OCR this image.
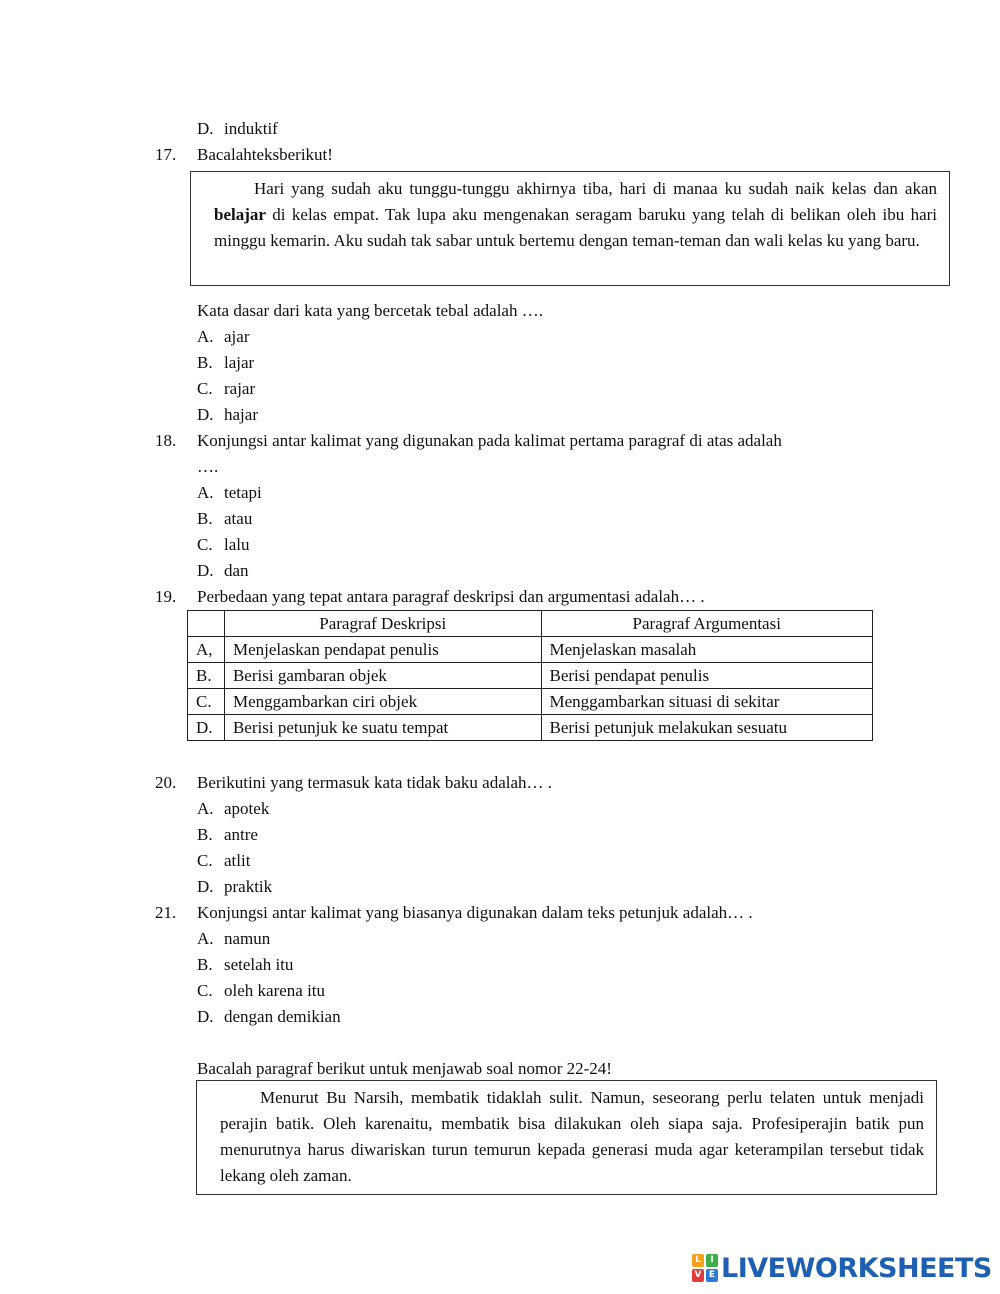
D. induktif
17. Bacalahteksberikut!

Hari yang sudah aku tunggu-tunggu akhirnya tiba, hari di manaa ku sudah naik kelas dan akan belajar di kelas empat. Tak lupa aku mengenakan seragam baruku yang telah di belikan oleh ibu hari minggu kemarin. Aku sudah tak sabar untuk bertemu dengan teman-teman dan wali kelas ku yang baru.

Kata dasar dari kata yang bercetak tebal adalah ….
A. ajar
B. lajar
C. rajar
D. hajar
18. Konjungsi antar kalimat yang digunakan pada kalimat pertama paragraf di atas adalah
….
A. tetapi
B. atau
C. lalu
D. dan
19. Perbedaan yang tepat antara paragraf deskripsi dan argumentasi adalah… .
	Paragraf Deskripsi	Paragraf Argumentasi
A,	Menjelaskan pendapat penulis	Menjelaskan masalah
B.	Berisi gambaran objek	Berisi pendapat penulis
C.	Menggambarkan ciri objek	Menggambarkan situasi di sekitar
D.	Berisi petunjuk ke suatu tempat	Berisi petunjuk melakukan sesuatu
20. Berikutini yang termasuk kata tidak baku adalah… .
A. apotek
B. antre
C. atlit
D. praktik
21. Konjungsi antar kalimat yang biasanya digunakan dalam teks petunjuk adalah… .
A. namun
B. setelah itu
C. oleh karena itu
D. dengan demikian
Bacalah paragraf berikut untuk menjawab soal nomor 22-24!

Menurut Bu Narsih, membatik tidaklah sulit. Namun, seseorang perlu telaten untuk menjadi perajin batik. Oleh karenaitu, membatik bisa dilakukan oleh siapa saja. Profesiperajin batik pun menurutnya harus diwariskan turun temurun kepada generasi muda agar keterampilan tersebut tidak lekang oleh zaman.

L	I
V E LIVEWORKSHEETS
